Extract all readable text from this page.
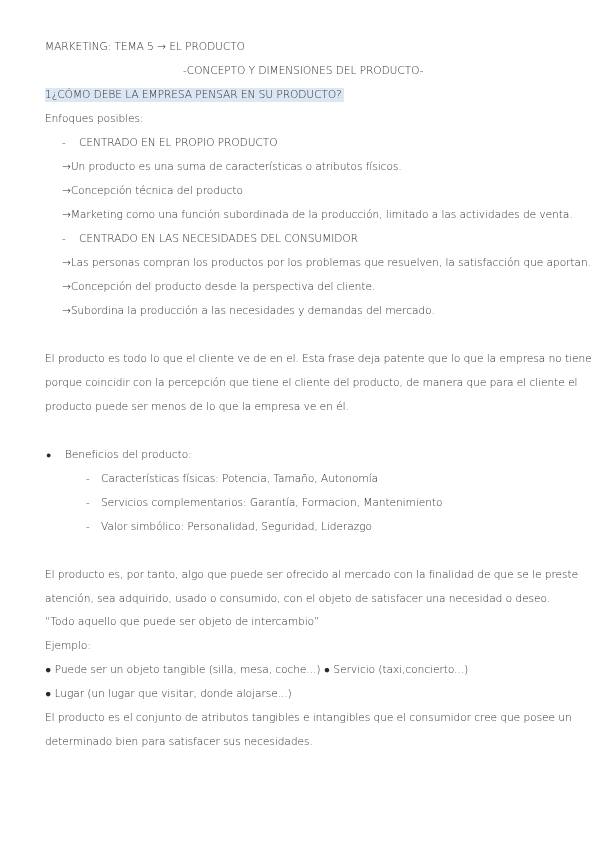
MARKETING: TEMA 5 → EL PRODUCTO
-CONCEPTO Y DIMENSIONES DEL PRODUCTO-
1¿CÓMO DEBE LA EMPRESA PENSAR EN SU PRODUCTO?
Enfoques posibles:
- CENTRADO EN EL PROPIO PRODUCTO
→Un producto es una suma de características o atributos físicos.
→Concepción técnica del producto
→Marketing como una función subordinada de la producción, limitado a las actividades de venta.
- CENTRADO EN LAS NECESIDADES DEL CONSUMIDOR
→Las personas compran los productos por los problemas que resuelven, la satisfacción que aportan.
→Concepción del producto desde la perspectiva del cliente.
→Subordina la producción a las necesidades y demandas del mercado.
El producto es todo lo que el cliente ve de en el. Esta frase deja patente que lo que la empresa no tiene
porque coincidir con la percepción que tiene el cliente del producto, de manera que para el cliente el
producto puede ser menos de lo que la empresa ve en él.
● Beneficios del producto:
- Características físicas: Potencia, Tamaño, Autonomía
- Servicios complementarios: Garantía, Formacion, Mantenimiento
- Valor simbólico: Personalidad, Seguridad, Liderazgo
El producto es, por tanto, algo que puede ser ofrecido al mercado con la finalidad de que se le preste
atención, sea adquirido, usado o consumido, con el objeto de satisfacer una necesidad o deseo.
“Todo aquello que puede ser objeto de intercambio”
Ejemplo:
● Puede ser un objeto tangible (silla, mesa, coche...) ● Servicio (taxi,concierto...)
● Lugar (un lugar que visitar, donde alojarse...)
El producto es el conjunto de atributos tangibles e intangibles que el consumidor cree que posee un
determinado bien para satisfacer sus necesidades.
